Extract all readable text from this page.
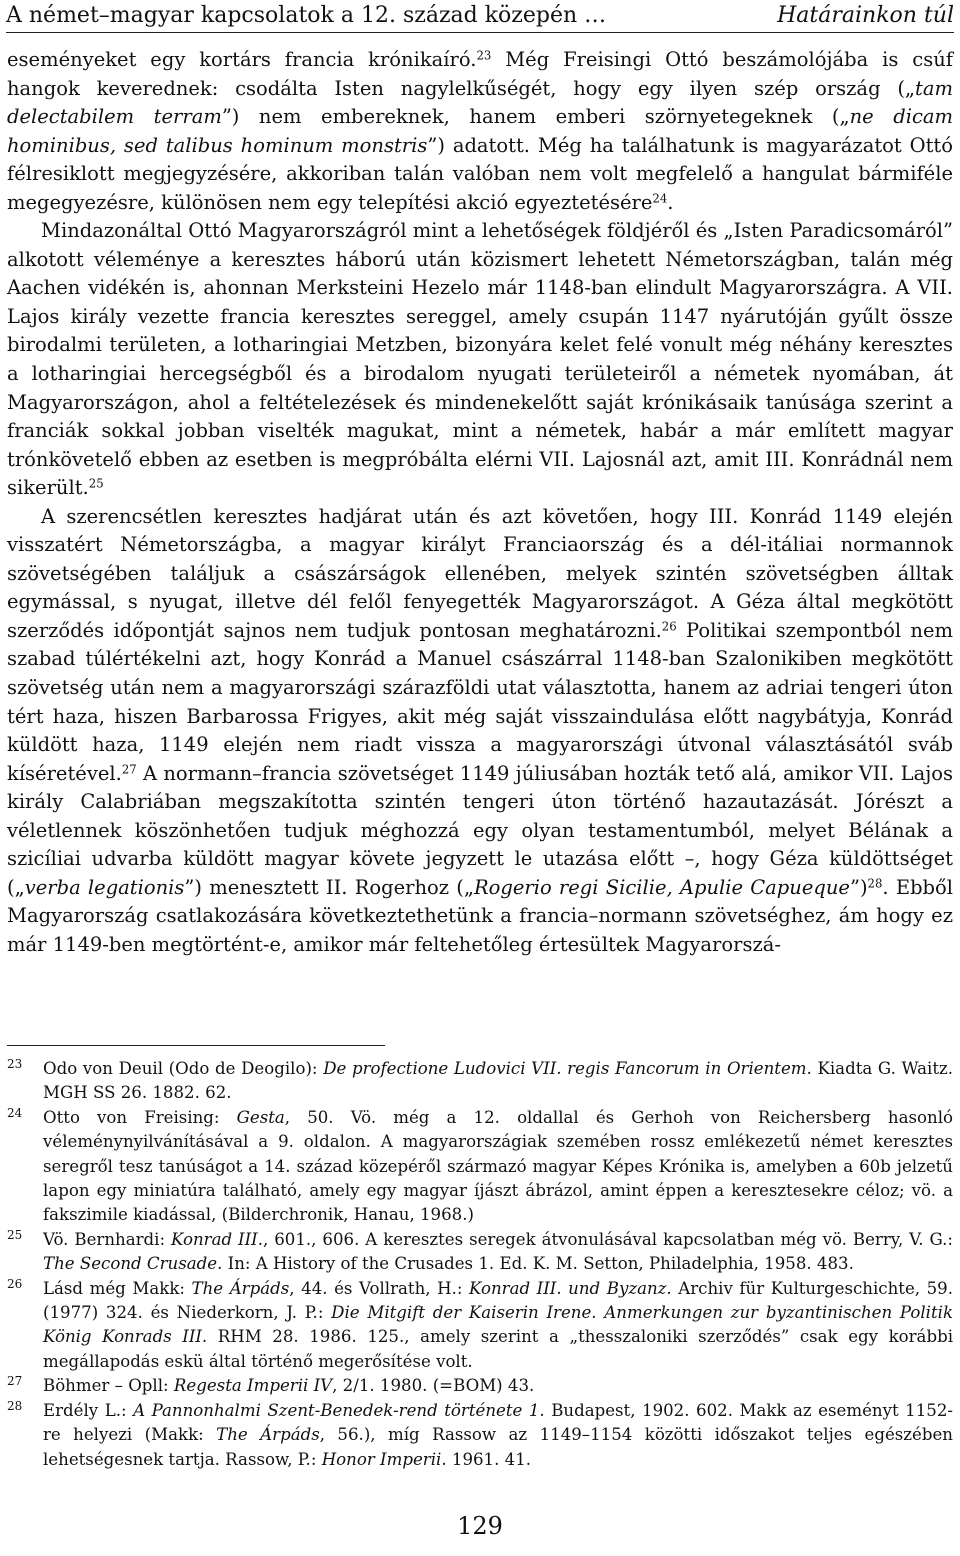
A német–magyar kapcsolatok a 12. század közepén …	Határainkon túl

eseményeket egy kortárs francia krónikaíró.$^{23}$ Még Freisingi Ottó beszámolójába is csúf hangok keverednek: csodálta Isten nagylelkűségét, hogy egy ilyen szép ország („tam delectabilem terram”) nem embereknek, hanem emberi szörnyetegeknek („ne dicam hominibus, sed talibus hominum monstris”) adatott. Még ha találhatunk is magyarázatot Ottó félresiklott megjegyzésére, akkoriban talán valóban nem volt megfelelő a hangulat bármiféle megegyezésre, különösen nem egy telepítési akció egyeztetésére$^{24}$.

Mindazonáltal Ottó Magyarországról mint a lehetőségek földjéről és „Isten Paradicsomáról” alkotott véleménye a keresztes háború után közismert lehetett Németországban, talán még Aachen vidékén is, ahonnan Merksteini Hezelo már 1148-ban elindult Magyarországra. A VII. Lajos király vezette francia keresztes sereggel, amely csupán 1147 nyárutóján gyűlt össze birodalmi területen, a lotharingiai Metzben, bizonyára kelet felé vonult még néhány keresztes a lotharingiai hercegségből és a birodalom nyugati területeiről a németek nyomában, át Magyarországon, ahol a feltételezések és mindenekelőtt saját krónikásaik tanúsága szerint a franciák sokkal jobban viselték magukat, mint a németek, habár a már említett magyar trónkövetelő ebben az esetben is megpróbálta elérni VII. Lajosnál azt, amit III. Konrádnál nem sikerült.$^{25}$

A szerencsétlen keresztes hadjárat után és azt követően, hogy III. Konrád 1149 elején visszatért Németországba, a magyar királyt Franciaország és a dél-itáliai normannok szövetségében találjuk a császárságok ellenében, melyek szintén szövetségben álltak egymással, s nyugat, illetve dél felől fenyegették Magyarországot. A Géza által megkötött szerződés időpontját sajnos nem tudjuk pontosan meghatározni.$^{26}$ Politikai szempontból nem szabad túlértékelni azt, hogy Konrád a Manuel császárral 1148-ban Szalonikiben megkötött szövetség után nem a magyarországi szárazföldi utat választotta, hanem az adriai tengeri úton tért haza, hiszen Barbarossa Frigyes, akit még saját visszaindulása előtt nagybátyja, Konrád küldött haza, 1149 elején nem riadt vissza a magyarországi útvonal választásától sváb kíséretével.$^{27}$ A normann–francia szövetséget 1149 júliusában hozták tető alá, amikor VII. Lajos király Calabriában megszakította szintén tengeri úton történő hazautazását. Jórészt a véletlennek köszönhetően tudjuk méghozzá egy olyan testamentumból, melyet Bélának a szicíliai udvarba küldött magyar követe jegyzett le utazása előtt –, hogy Géza küldöttséget („verba legationis”) menesztett II. Rogerhoz („Rogerio regi Sicilie, Apulie Capueque”)$^{28}$. Ebből Magyarország csatlakozására következtethetünk a francia–normann szövetséghez, ám hogy ez már 1149-ben megtörtént-e, amikor már feltehetőleg értesültek Magyarorszá-

23 Odo von Deuil (Odo de Deogilo): De profectione Ludovici VII. regis Fancorum in Orientem. Kiadta G. Waitz. MGH SS 26. 1882. 62.
24 Otto von Freising: Gesta, 50. Vö. még a 12. oldallal és Gerhoh von Reichersberg hasonló véleménynyilvánításával a 9. oldalon. A magyarországiak szemében rossz emlékezetű német keresztes seregről tesz tanúságot a 14. század közepéről származó magyar Képes Krónika is, amelyben a 60b jelzetű lapon egy miniatúra található, amely egy magyar íjászt ábrázol, amint éppen a keresztesekre céloz; vö. a fakszimile kiadással, (Bilderchronik, Hanau, 1968.)
25 Vö. Bernhardi: Konrad III., 601., 606. A keresztes seregek átvonulásával kapcsolatban még vö. Berry, V. G.: The Second Crusade. In: A History of the Crusades 1. Ed. K. M. Setton, Philadelphia, 1958. 483.
26 Lásd még Makk: The Árpáds, 44. és Vollrath, H.: Konrad III. und Byzanz. Archiv für Kulturgeschichte, 59. (1977) 324. és Niederkorn, J. P.: Die Mitgift der Kaiserin Irene. Anmerkungen zur byzantinischen Politik König Konrads III. RHM 28. 1986. 125., amely szerint a „thesszaloniki szerződés” csak egy korábbi megállapodás eskü által történő megerősítése volt.
27 Böhmer – Opll: Regesta Imperii IV, 2/1. 1980. (=BOM) 43.
28 Erdély L.: A Pannonhalmi Szent-Benedek-rend története 1. Budapest, 1902. 602. Makk az eseményt 1152-re helyezi (Makk: The Árpáds, 56.), míg Rassow az 1149–1154 közötti időszakot teljes egészében lehetségesnek tartja. Rassow, P.: Honor Imperii. 1961. 41.
129
